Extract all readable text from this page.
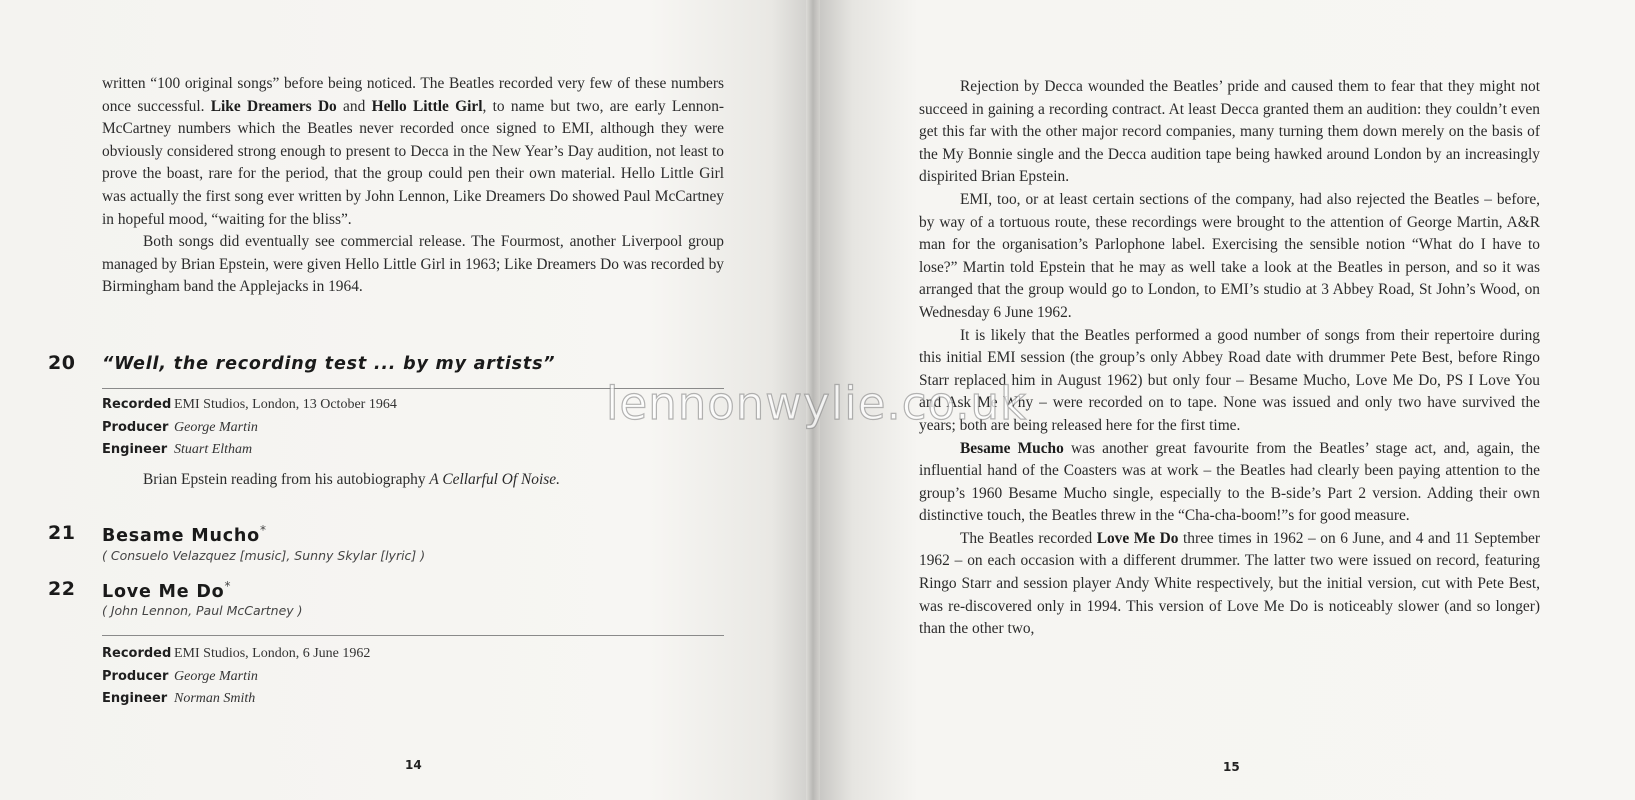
written “100 original songs” before being noticed. The Beatles recorded very few of these numbers once successful. Like Dreamers Do and Hello Little Girl, to name but two, are early Lennon-McCartney numbers which the Beatles never recorded once signed to EMI, although they were obviously considered strong enough to present to Decca in the New Year’s Day audition, not least to prove the boast, rare for the period, that the group could pen their own material. Hello Little Girl was actually the first song ever written by John Lennon, Like Dreamers Do showed Paul McCartney in hopeful mood, “waiting for the bliss”.

Both songs did eventually see commercial release. The Fourmost, another Liverpool group managed by Brian Epstein, were given Hello Little Girl in 1963; Like Dreamers Do was recorded by Birmingham band the Applejacks in 1964.

20 “Well, the recording test ... by my artists”
Recorded EMI Studios, London, 13 October 1964
Producer George Martin
Engineer Stuart Eltham
Brian Epstein reading from his autobiography A Cellarful Of Noise.
21 Besame Mucho*
( Consuelo Velazquez [music], Sunny Skylar [lyric] )
22 Love Me Do*
( John Lennon, Paul McCartney )
Recorded EMI Studios, London, 6 June 1962
Producer George Martin
Engineer Norman Smith
14	15

Rejection by Decca wounded the Beatles’ pride and caused them to fear that they might not succeed in gaining a recording contract. At least Decca granted them an audition: they couldn’t even get this far with the other major record companies, many turning them down merely on the basis of the My Bonnie single and the Decca audition tape being hawked around London by an increasingly dispirited Brian Epstein.

EMI, too, or at least certain sections of the company, had also rejected the Beatles – before, by way of a tortuous route, these recordings were brought to the attention of George Martin, A&R man for the organisation’s Parlophone label. Exercising the sensible notion “What do I have to lose?” Martin told Epstein that he may as well take a look at the Beatles in person, and so it was arranged that the group would go to London, to EMI’s studio at 3 Abbey Road, St John’s Wood, on Wednesday 6 June 1962.

It is likely that the Beatles performed a good number of songs from their repertoire during this initial EMI session (the group’s only Abbey Road date with drummer Pete Best, before Ringo Starr replaced him in August 1962) but only four – Besame Mucho, Love Me Do, PS I Love You and Ask Me Why – were recorded on to tape. None was issued and only two have survived the years; both are being released here for the first time.

Besame Mucho was another great favourite from the Beatles’ stage act, and, again, the influential hand of the Coasters was at work – the Beatles had clearly been paying attention to the group’s 1960 Besame Mucho single, especially to the B-side’s Part 2 version. Adding their own distinctive touch, the Beatles threw in the “Cha-cha-boom!”s for good measure.

The Beatles recorded Love Me Do three times in 1962 – on 6 June, and 4 and 11 September 1962 – on each occasion with a different drummer. The latter two were issued on record, featuring Ringo Starr and session player Andy White respectively, but the initial version, cut with Pete Best, was re-discovered only in 1994. This version of Love Me Do is noticeably slower (and so longer) than the other two,

lennonwylie.co.uk
